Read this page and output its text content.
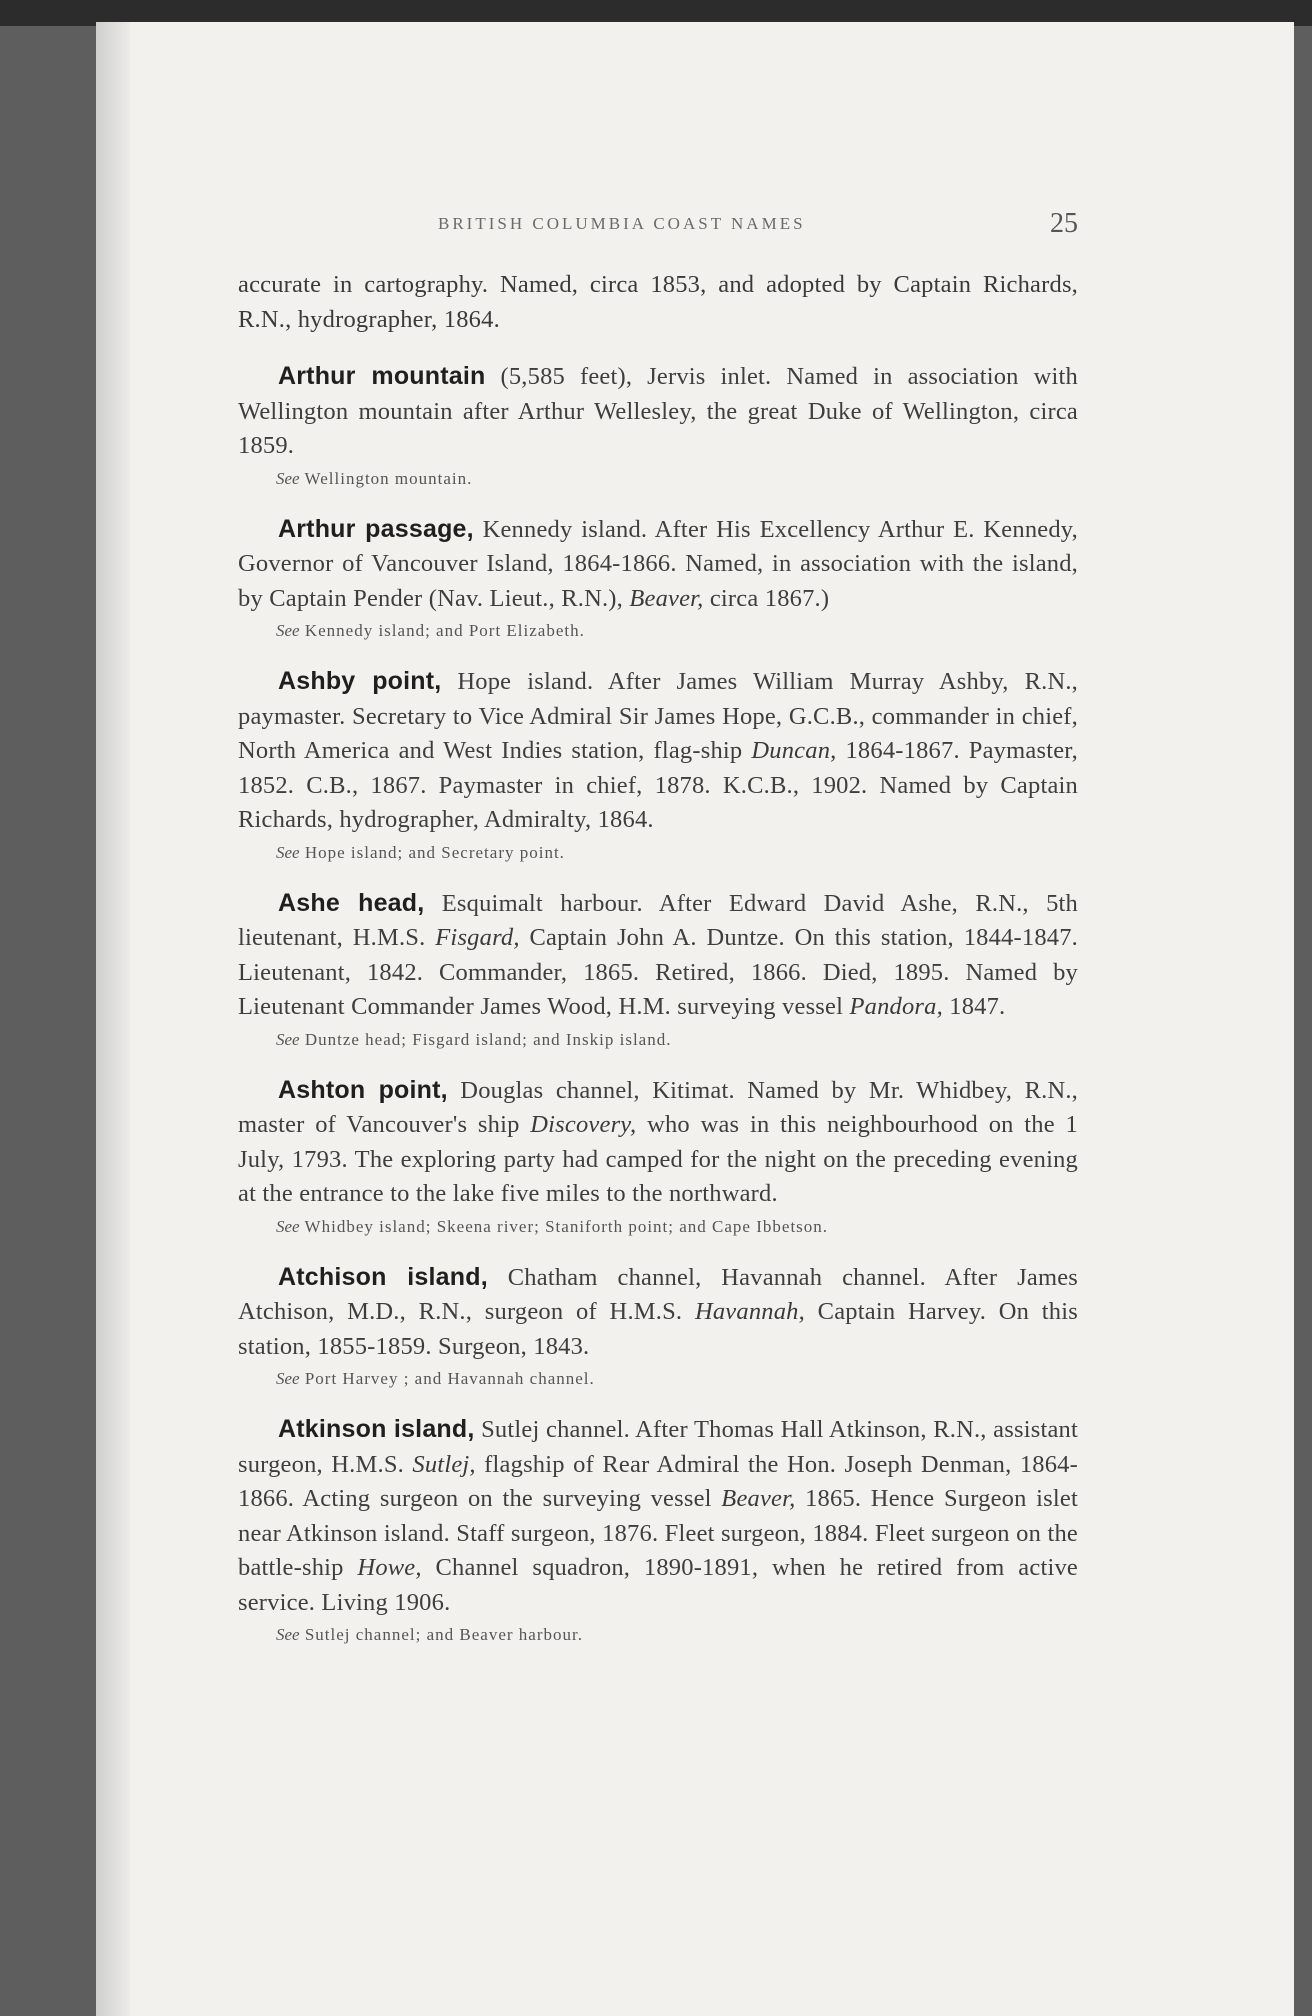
BRITISH COLUMBIA COAST NAMES	25

accurate in cartography. Named, circa 1853, and adopted by Captain Richards, R.N., hydrographer, 1864.

Arthur mountain (5,585 feet), Jervis inlet. Named in association with Wellington mountain after Arthur Wellesley, the great Duke of Wellington, circa 1859.

See Wellington mountain.

Arthur passage, Kennedy island. After His Excellency Arthur E. Kennedy, Governor of Vancouver Island, 1864-1866. Named, in association with the island, by Captain Pender (Nav. Lieut., R.N.), Beaver, circa 1867.)

See Kennedy island; and Port Elizabeth.

Ashby point, Hope island. After James William Murray Ashby, R.N., paymaster. Secretary to Vice Admiral Sir James Hope, G.C.B., commander in chief, North America and West Indies station, flag-ship Duncan, 1864-1867. Paymaster, 1852. C.B., 1867. Paymaster in chief, 1878. K.C.B., 1902. Named by Captain Richards, hydrographer, Admiralty, 1864.

See Hope island; and Secretary point.

Ashe head, Esquimalt harbour. After Edward David Ashe, R.N., 5th lieutenant, H.M.S. Fisgard, Captain John A. Duntze. On this station, 1844-1847. Lieutenant, 1842. Commander, 1865. Retired, 1866. Died, 1895. Named by Lieutenant Commander James Wood, H.M. surveying vessel Pandora, 1847.

See Duntze head; Fisgard island; and Inskip island.

Ashton point, Douglas channel, Kitimat. Named by Mr. Whidbey, R.N., master of Vancouver's ship Discovery, who was in this neighbourhood on the 1 July, 1793. The exploring party had camped for the night on the preceding evening at the entrance to the lake five miles to the northward.

See Whidbey island; Skeena river; Staniforth point; and Cape Ibbetson.

Atchison island, Chatham channel, Havannah channel. After James Atchison, M.D., R.N., surgeon of H.M.S. Havannah, Captain Harvey. On this station, 1855-1859. Surgeon, 1843.

See Port Harvey ; and Havannah channel.

Atkinson island, Sutlej channel. After Thomas Hall Atkinson, R.N., assistant surgeon, H.M.S. Sutlej, flagship of Rear Admiral the Hon. Joseph Denman, 1864-1866. Acting surgeon on the surveying vessel Beaver, 1865. Hence Surgeon islet near Atkinson island. Staff surgeon, 1876. Fleet surgeon, 1884. Fleet surgeon on the battle-ship Howe, Channel squadron, 1890-1891, when he retired from active service. Living 1906.

See Sutlej channel; and Beaver harbour.
